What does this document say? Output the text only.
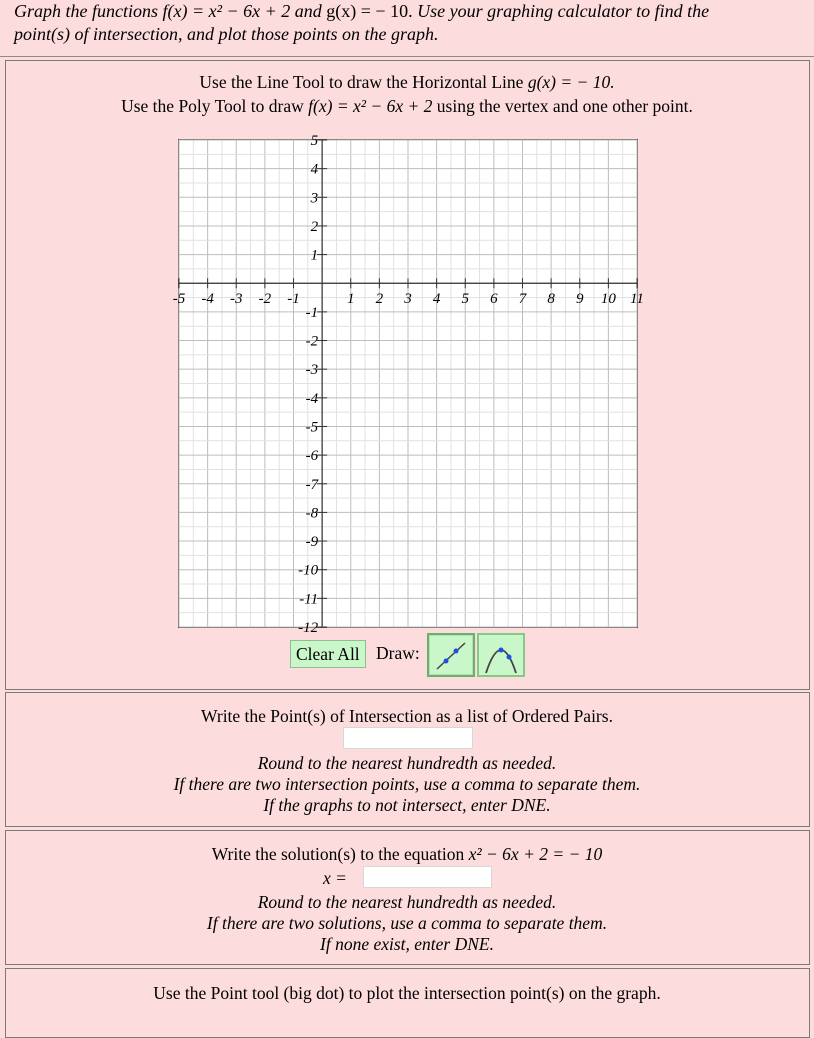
Graph the functions f(x) = x² − 6x + 2 and g(x) = − 10. Use your graphing calculator to find the

point(s) of intersection, and plot those points on the graph.

Use the Line Tool to draw the Horizontal Line g(x) = − 10.
Use the Poly Tool to draw f(x) = x² − 6x + 2 using the vertex and one other point.
-5 -4 -3 -2 -1	1 2 3 4 5 6 7 8 9 10 11
5
4
3
2
1
-1
-2
-3
-4
-5
-6
-7
-8
-9
-10
-11
-12
Clear All Draw:
Write the Point(s) of Intersection as a list of Ordered Pairs.
Round to the nearest hundredth as needed.
If there are two intersection points, use a comma to separate them.
If the graphs to not intersect, enter DNE.
Write the solution(s) to the equation x² − 6x + 2 = − 10
x =
Round to the nearest hundredth as needed.
If there are two solutions, use a comma to separate them.
If none exist, enter DNE.
Use the Point tool (big dot) to plot the intersection point(s) on the graph.
